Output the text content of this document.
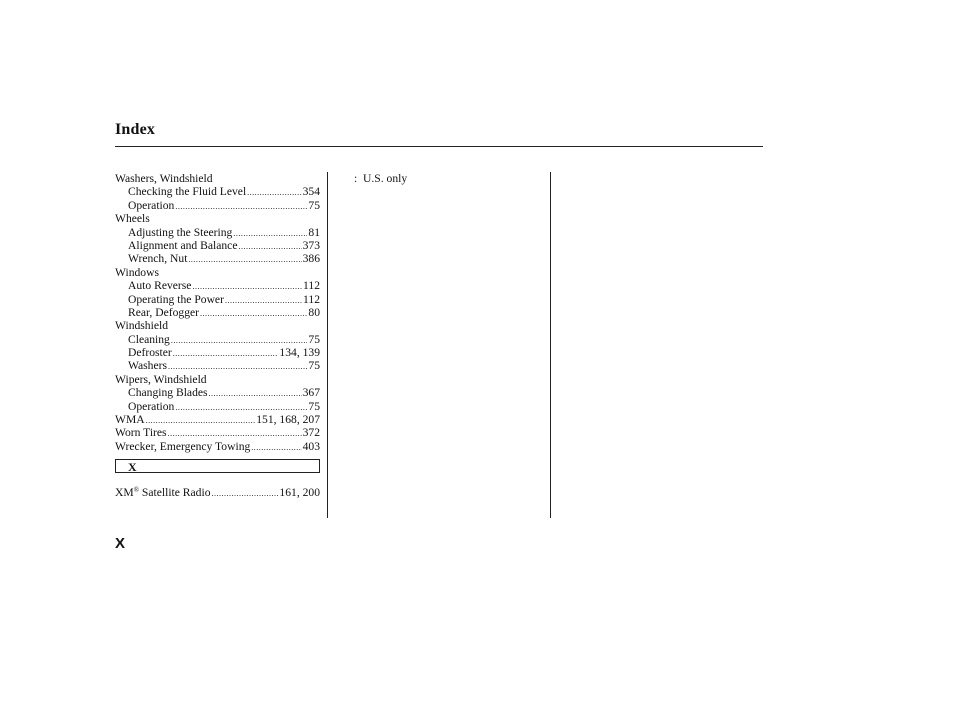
Index
Washers, Windshield
Checking the Fluid Level .....	354
Operation .....	75
Wheels
Adjusting the Steering .....	81
Alignment and Balance .....	373
Wrench, Nut .....	386
Windows
Auto Reverse .....	112
Operating the Power .....	112
Rear, Defogger .....	80
Windshield
Cleaning .....	75
Defroster .....	134, 139
Washers .....	75
Wipers, Windshield
Changing Blades .....	367
Operation .....	75
WMA .....	151, 168, 207
Worn Tires .....	372
Wrecker, Emergency Towing .....	403
X
XM® Satellite Radio .....	161, 200
: U.S. only
X
